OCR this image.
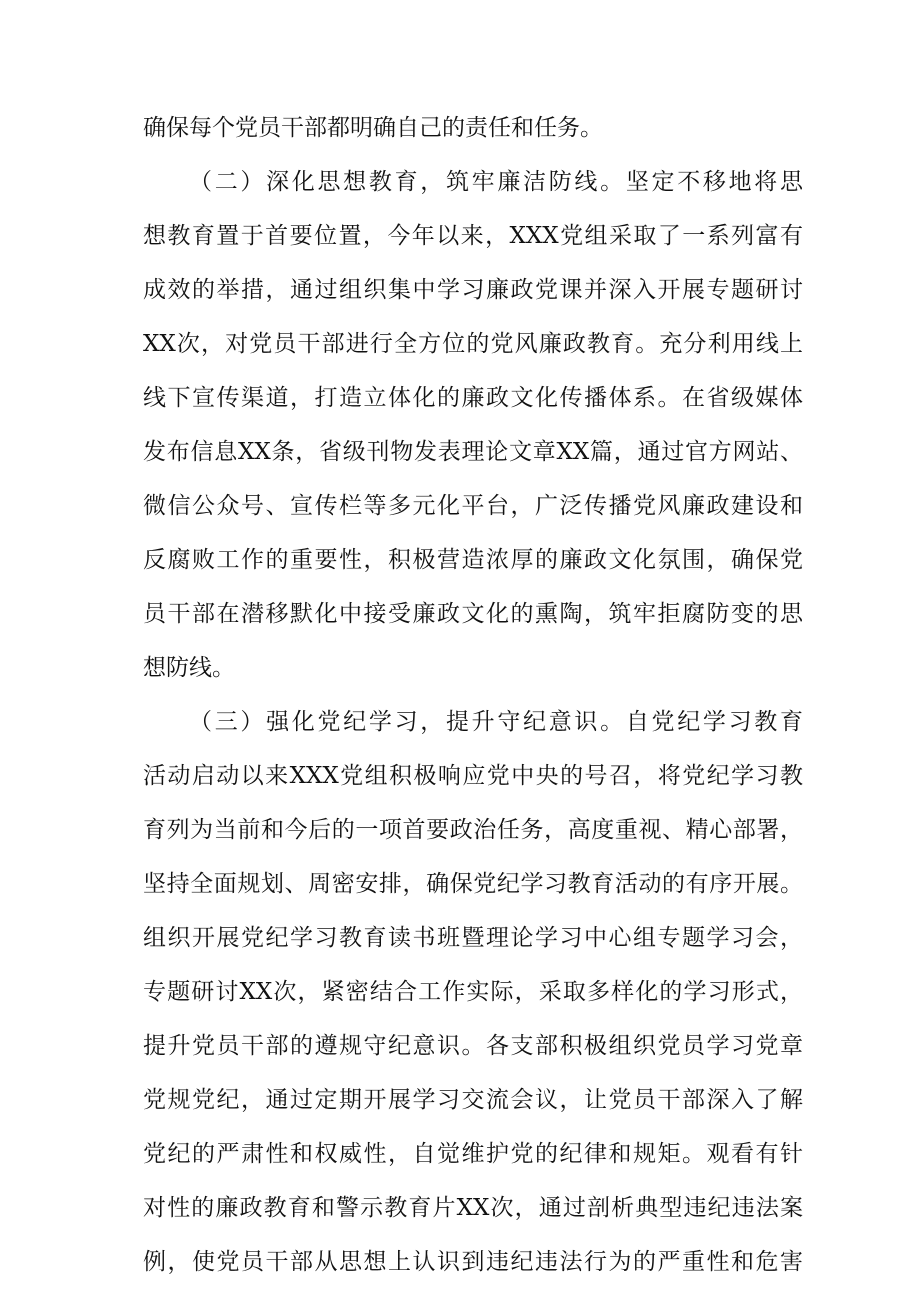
确保每个党员干部都明确自己的责任和任务。
（二）深化思想教育，筑牢廉洁防线。坚定不移地将思
想教育置于首要位置，今年以来，XXX党组采取了一系列富有
成效的举措，通过组织集中学习廉政党课并深入开展专题研讨
XX次，对党员干部进行全方位的党风廉政教育。充分利用线上
线下宣传渠道，打造立体化的廉政文化传播体系。在省级媒体
发布信息XX条，省级刊物发表理论文章XX篇，通过官方网站、
微信公众号、宣传栏等多元化平台，广泛传播党风廉政建设和
反腐败工作的重要性，积极营造浓厚的廉政文化氛围，确保党
员干部在潜移默化中接受廉政文化的熏陶，筑牢拒腐防变的思
想防线。
（三）强化党纪学习，提升守纪意识。自党纪学习教育
活动启动以来XXX党组积极响应党中央的号召，将党纪学习教
育列为当前和今后的一项首要政治任务，高度重视、精心部署，
坚持全面规划、周密安排，确保党纪学习教育活动的有序开展。
组织开展党纪学习教育读书班暨理论学习中心组专题学习会，
专题研讨XX次，紧密结合工作实际，采取多样化的学习形式，
提升党员干部的遵规守纪意识。各支部积极组织党员学习党章
党规党纪，通过定期开展学习交流会议，让党员干部深入了解
党纪的严肃性和权威性，自觉维护党的纪律和规矩。观看有针
对性的廉政教育和警示教育片XX次，通过剖析典型违纪违法案
例，使党员干部从思想上认识到违纪违法行为的严重性和危害
